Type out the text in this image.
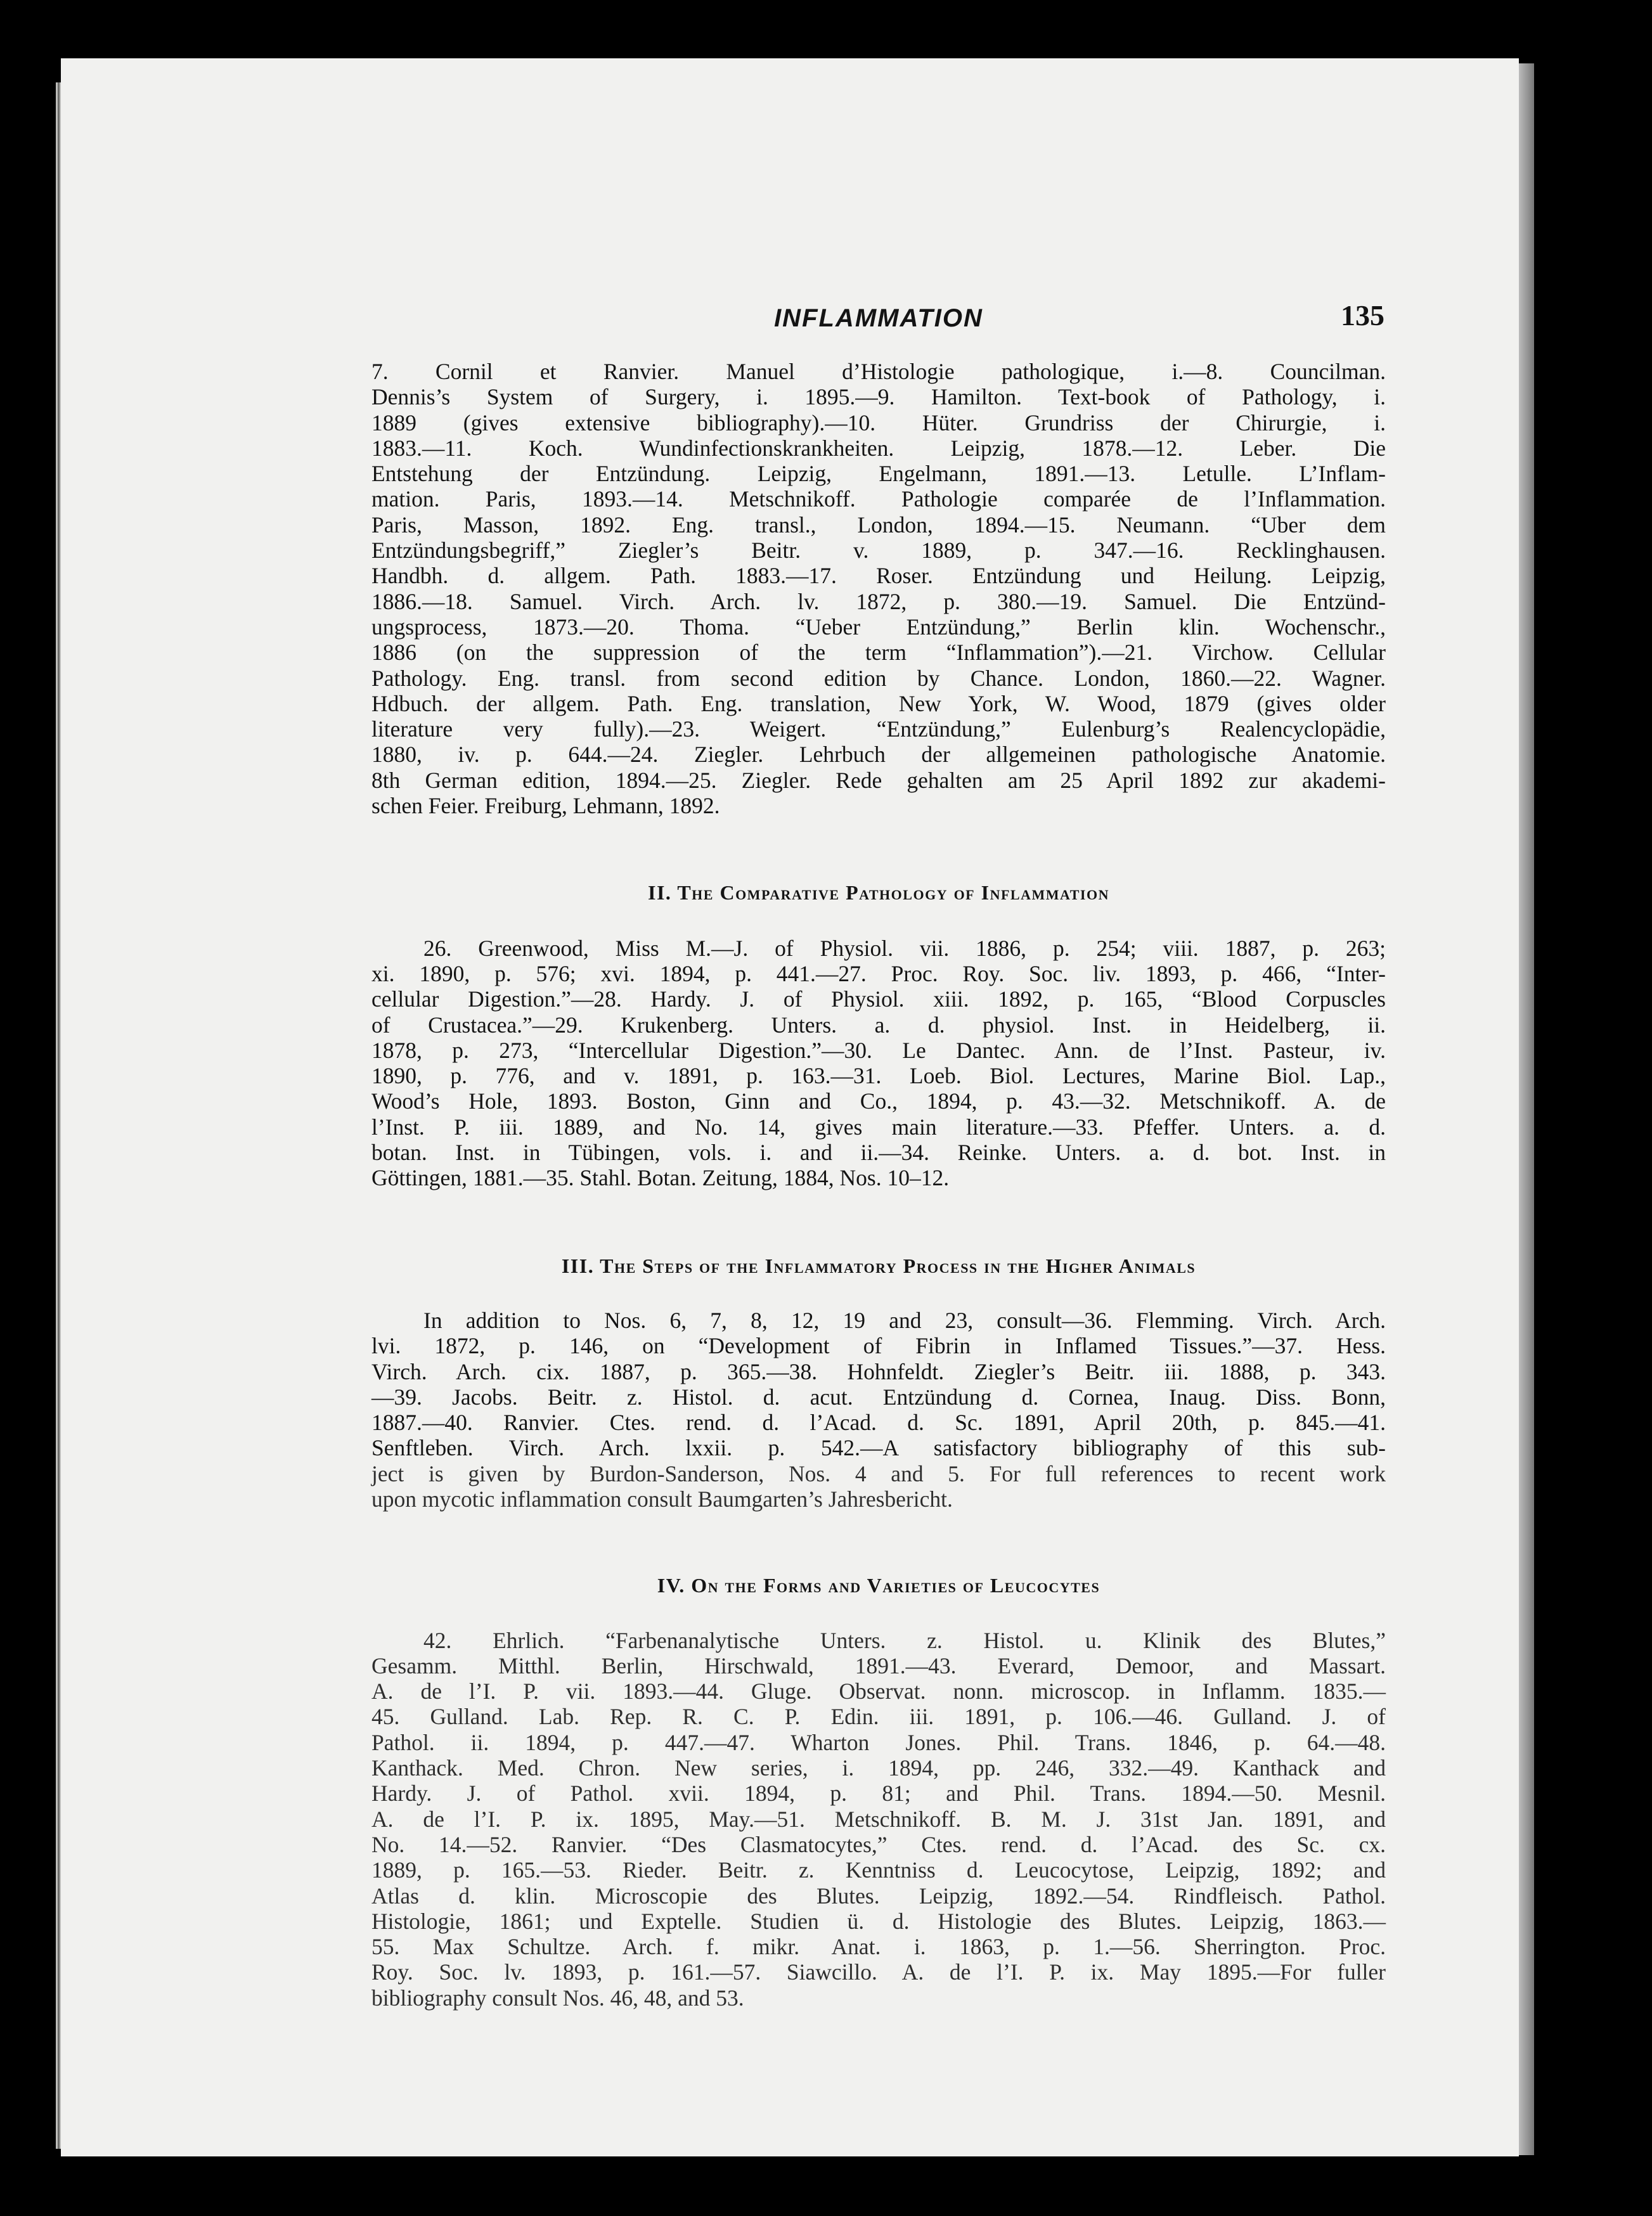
INFLAMMATION	135
7. Cornil et Ranvier. Manuel d’Histologie pathologique, i.—8. Councilman.
Dennis’s System of Surgery, i. 1895.—9. Hamilton. Text-book of Pathology, i.
1889 (gives extensive bibliography).—10. Hüter. Grundriss der Chirurgie, i.
1883.—11. Koch. Wundinfectionskrankheiten. Leipzig, 1878.—12. Leber. Die
Entstehung der Entzündung. Leipzig, Engelmann, 1891.—13. Letulle. L’Inflam-
mation. Paris, 1893.—14. Metschnikoff. Pathologie comparée de l’Inflammation.
Paris, Masson, 1892. Eng. transl., London, 1894.—15. Neumann. “Uber dem
Entzündungsbegriff,” Ziegler’s Beitr. v. 1889, p. 347.—16. Recklinghausen.
Handbh. d. allgem. Path. 1883.—17. Roser. Entzündung und Heilung. Leipzig,
1886.—18. Samuel. Virch. Arch. lv. 1872, p. 380.—19. Samuel. Die Entzünd-
ungsprocess, 1873.—20. Thoma. “Ueber Entzündung,” Berlin klin. Wochenschr.,
1886 (on the suppression of the term “Inflammation”).—21. Virchow. Cellular
Pathology. Eng. transl. from second edition by Chance. London, 1860.—22. Wagner.
Hdbuch. der allgem. Path. Eng. translation, New York, W. Wood, 1879 (gives older
literature very fully).—23. Weigert. “Entzündung,” Eulenburg’s Realencyclopädie,
1880, iv. p. 644.—24. Ziegler. Lehrbuch der allgemeinen pathologische Anatomie.
8th German edition, 1894.—25. Ziegler. Rede gehalten am 25 April 1892 zur akademi-
schen Feier. Freiburg, Lehmann, 1892.
II. The Comparative Pathology of Inflammation
26. Greenwood, Miss M.—J. of Physiol. vii. 1886, p. 254; viii. 1887, p. 263;
xi. 1890, p. 576; xvi. 1894, p. 441.—27. Proc. Roy. Soc. liv. 1893, p. 466, “Inter-
cellular Digestion.”—28. Hardy. J. of Physiol. xiii. 1892, p. 165, “Blood Corpuscles
of Crustacea.”—29. Krukenberg. Unters. a. d. physiol. Inst. in Heidelberg, ii.
1878, p. 273, “Intercellular Digestion.”—30. Le Dantec. Ann. de l’Inst. Pasteur, iv.
1890, p. 776, and v. 1891, p. 163.—31. Loeb. Biol. Lectures, Marine Biol. Lap.,
Wood’s Hole, 1893. Boston, Ginn and Co., 1894, p. 43.—32. Metschnikoff. A. de
l’Inst. P. iii. 1889, and No. 14, gives main literature.—33. Pfeffer. Unters. a. d.
botan. Inst. in Tübingen, vols. i. and ii.—34. Reinke. Unters. a. d. bot. Inst. in
Göttingen, 1881.—35. Stahl. Botan. Zeitung, 1884, Nos. 10–12.
III. The Steps of the Inflammatory Process in the Higher Animals
In addition to Nos. 6, 7, 8, 12, 19 and 23, consult—36. Flemming. Virch. Arch.
lvi. 1872, p. 146, on “Development of Fibrin in Inflamed Tissues.”—37. Hess.
Virch. Arch. cix. 1887, p. 365.—38. Hohnfeldt. Ziegler’s Beitr. iii. 1888, p. 343.
—39. Jacobs. Beitr. z. Histol. d. acut. Entzündung d. Cornea, Inaug. Diss. Bonn,
1887.—40. Ranvier. Ctes. rend. d. l’Acad. d. Sc. 1891, April 20th, p. 845.—41.
Senftleben. Virch. Arch. lxxii. p. 542.—A satisfactory bibliography of this sub-
ject is given by Burdon-Sanderson, Nos. 4 and 5. For full references to recent work
upon mycotic inflammation consult Baumgarten’s Jahresbericht.
IV. On the Forms and Varieties of Leucocytes
42. Ehrlich. “Farbenanalytische Unters. z. Histol. u. Klinik des Blutes,”
Gesamm. Mitthl. Berlin, Hirschwald, 1891.—43. Everard, Demoor, and Massart.
A. de l’I. P. vii. 1893.—44. Gluge. Observat. nonn. microscop. in Inflamm. 1835.—
45. Gulland. Lab. Rep. R. C. P. Edin. iii. 1891, p. 106.—46. Gulland. J. of
Pathol. ii. 1894, p. 447.—47. Wharton Jones. Phil. Trans. 1846, p. 64.—48.
Kanthack. Med. Chron. New series, i. 1894, pp. 246, 332.—49. Kanthack and
Hardy. J. of Pathol. xvii. 1894, p. 81; and Phil. Trans. 1894.—50. Mesnil.
A. de l’I. P. ix. 1895, May.—51. Metschnikoff. B. M. J. 31st Jan. 1891, and
No. 14.—52. Ranvier. “Des Clasmatocytes,” Ctes. rend. d. l’Acad. des Sc. cx.
1889, p. 165.—53. Rieder. Beitr. z. Kenntniss d. Leucocytose, Leipzig, 1892; and
Atlas d. klin. Microscopie des Blutes. Leipzig, 1892.—54. Rindfleisch. Pathol.
Histologie, 1861; und Exptelle. Studien ü. d. Histologie des Blutes. Leipzig, 1863.—
55. Max Schultze. Arch. f. mikr. Anat. i. 1863, p. 1.—56. Sherrington. Proc.
Roy. Soc. lv. 1893, p. 161.—57. Siawcillo. A. de l’I. P. ix. May 1895.—For fuller
bibliography consult Nos. 46, 48, and 53.
